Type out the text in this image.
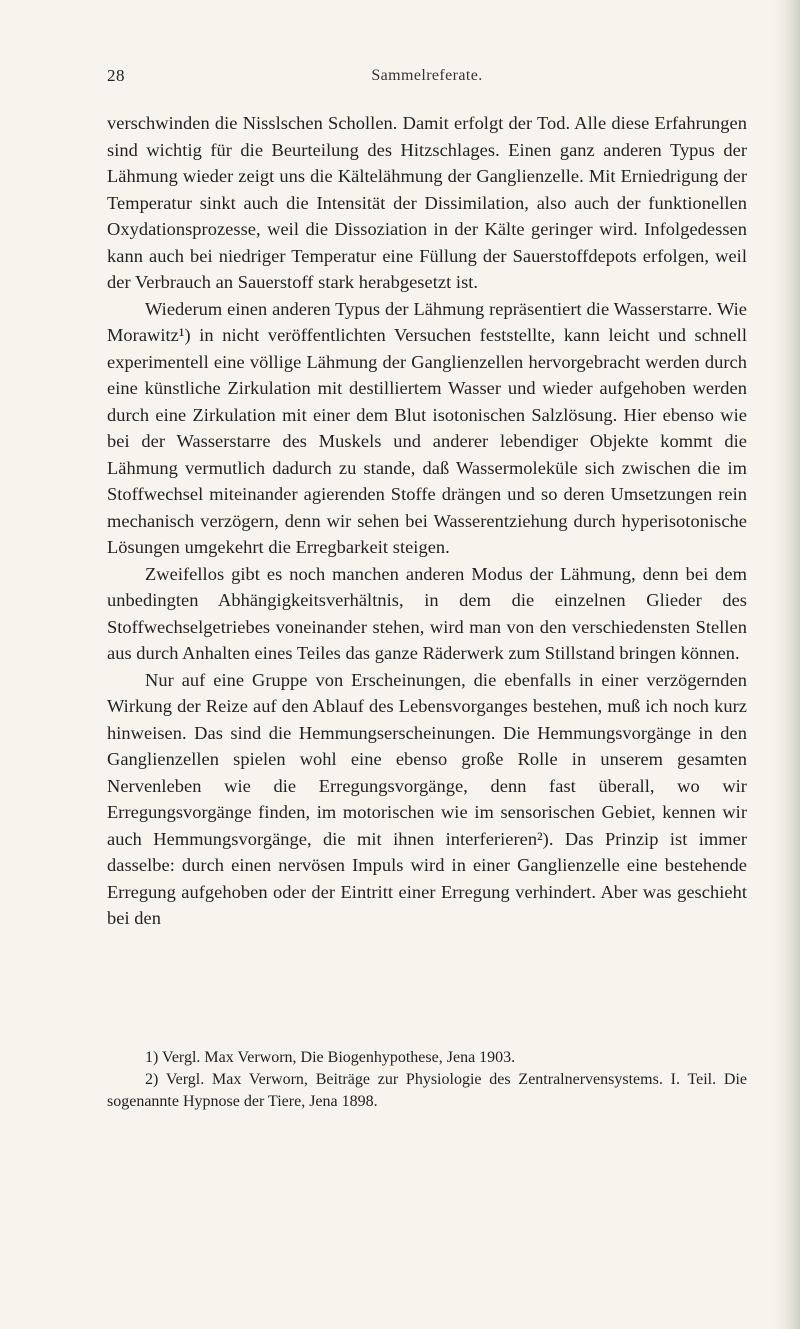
28	Sammelreferate.

verschwinden die Nisslschen Schollen. Damit erfolgt der Tod. Alle diese Erfahrungen sind wichtig für die Beurteilung des Hitzschlages. Einen ganz anderen Typus der Lähmung wieder zeigt uns die Kältelähmung der Ganglienzelle. Mit Erniedrigung der Temperatur sinkt auch die Intensität der Dissimilation, also auch der funktionellen Oxydationsprozesse, weil die Dissoziation in der Kälte geringer wird. Infolgedessen kann auch bei niedriger Temperatur eine Füllung der Sauerstoffdepots erfolgen, weil der Verbrauch an Sauerstoff stark herabgesetzt ist.

Wiederum einen anderen Typus der Lähmung repräsentiert die Wasserstarre. Wie Morawitz¹) in nicht veröffentlichten Versuchen feststellte, kann leicht und schnell experimentell eine völlige Lähmung der Ganglienzellen hervorgebracht werden durch eine künstliche Zirkulation mit destilliertem Wasser und wieder aufgehoben werden durch eine Zirkulation mit einer dem Blut isotonischen Salzlösung. Hier ebenso wie bei der Wasserstarre des Muskels und anderer lebendiger Objekte kommt die Lähmung vermutlich dadurch zu stande, daß Wassermoleküle sich zwischen die im Stoffwechsel miteinander agierenden Stoffe drängen und so deren Umsetzungen rein mechanisch verzögern, denn wir sehen bei Wasserentziehung durch hyperisotonische Lösungen umgekehrt die Erregbarkeit steigen.

Zweifellos gibt es noch manchen anderen Modus der Lähmung, denn bei dem unbedingten Abhängigkeitsverhältnis, in dem die einzelnen Glieder des Stoffwechselgetriebes voneinander stehen, wird man von den verschiedensten Stellen aus durch Anhalten eines Teiles das ganze Räderwerk zum Stillstand bringen können.

Nur auf eine Gruppe von Erscheinungen, die ebenfalls in einer verzögernden Wirkung der Reize auf den Ablauf des Lebensvorganges bestehen, muß ich noch kurz hinweisen. Das sind die Hemmungserscheinungen. Die Hemmungsvorgänge in den Ganglienzellen spielen wohl eine ebenso große Rolle in unserem gesamten Nervenleben wie die Erregungsvorgänge, denn fast überall, wo wir Erregungsvorgänge finden, im motorischen wie im sensorischen Gebiet, kennen wir auch Hemmungsvorgänge, die mit ihnen interferieren²). Das Prinzip ist immer dasselbe: durch einen nervösen Impuls wird in einer Ganglienzelle eine bestehende Erregung aufgehoben oder der Eintritt einer Erregung verhindert. Aber was geschieht bei den

1) Vergl. Max Verworn, Die Biogenhypothese, Jena 1903.

2) Vergl. Max Verworn, Beiträge zur Physiologie des Zentralnervensystems. I. Teil. Die sogenannte Hypnose der Tiere, Jena 1898.
